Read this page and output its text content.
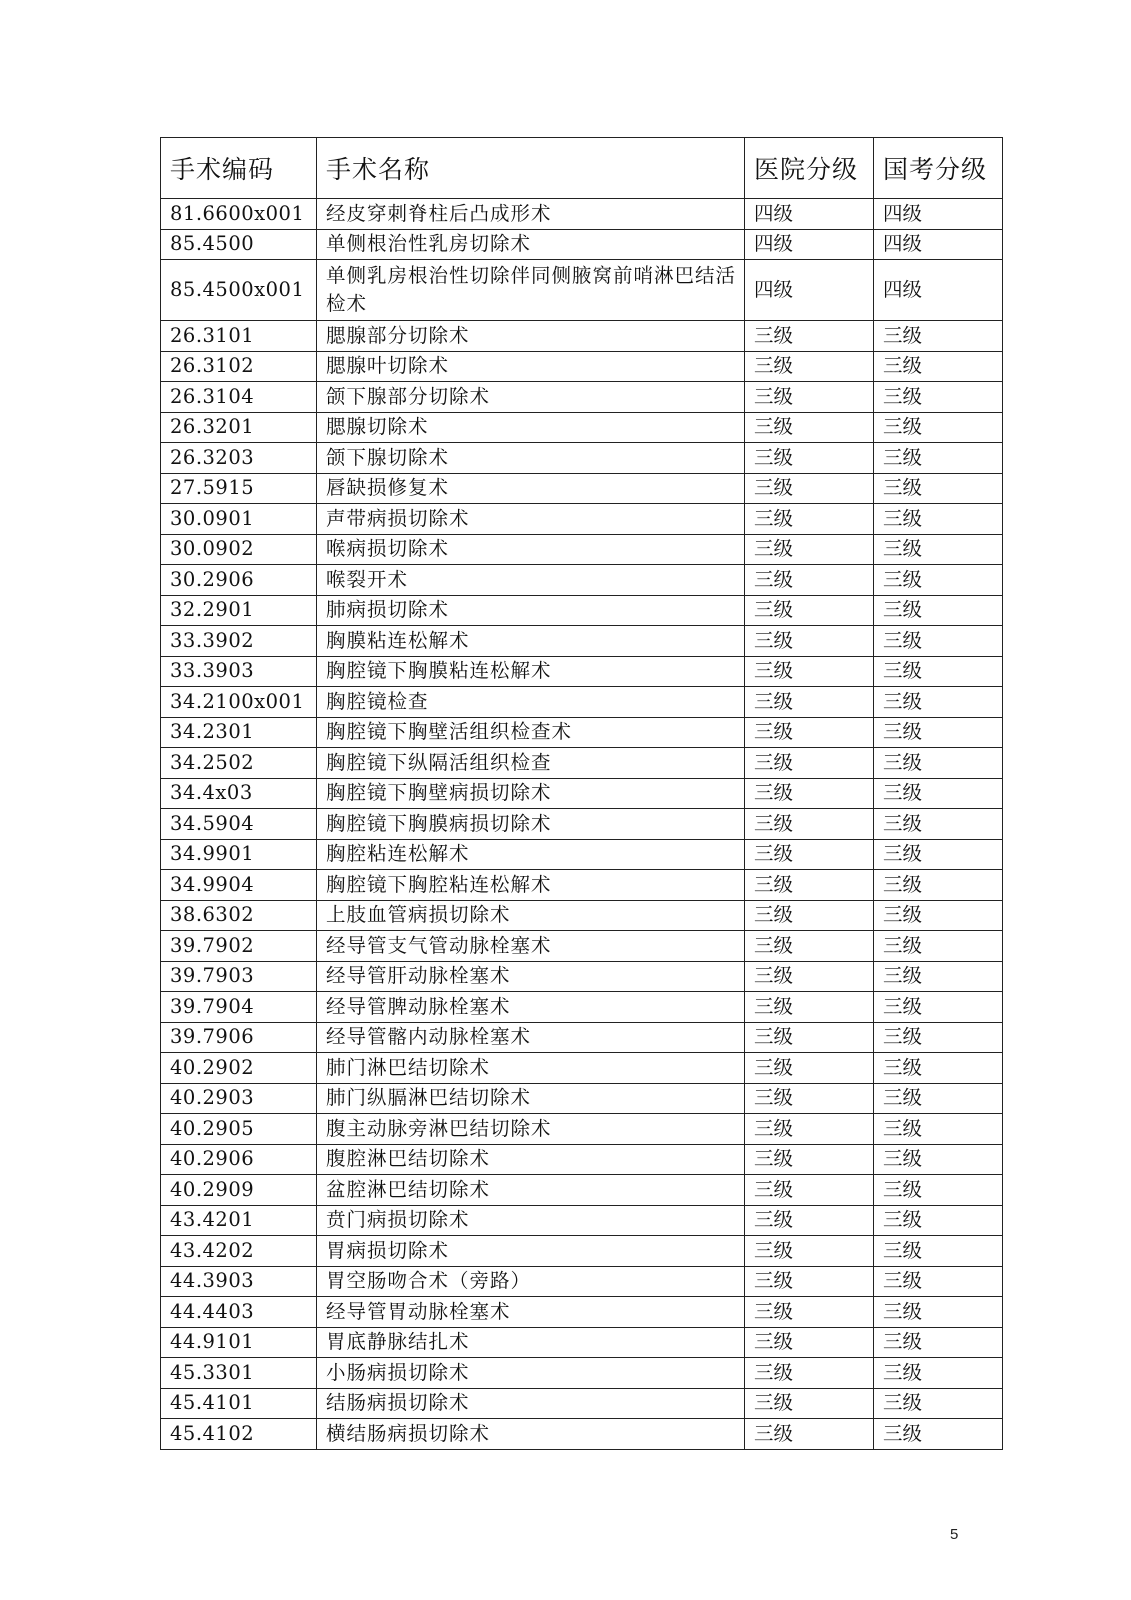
手术编码	手术名称	医院分级	国考分级
81.6600x001	经皮穿刺脊柱后凸成形术	四级	四级
85.4500	单侧根治性乳房切除术	四级	四级
85.4500x001	单侧乳房根治性切除伴同侧腋窝前哨淋巴结活检术	四级	四级
26.3101	腮腺部分切除术	三级	三级
26.3102	腮腺叶切除术	三级	三级
26.3104	颌下腺部分切除术	三级	三级
26.3201	腮腺切除术	三级	三级
26.3203	颌下腺切除术	三级	三级
27.5915	唇缺损修复术	三级	三级
30.0901	声带病损切除术	三级	三级
30.0902	喉病损切除术	三级	三级
30.2906	喉裂开术	三级	三级
32.2901	肺病损切除术	三级	三级
33.3902	胸膜粘连松解术	三级	三级
33.3903	胸腔镜下胸膜粘连松解术	三级	三级
34.2100x001	胸腔镜检查	三级	三级
34.2301	胸腔镜下胸壁活组织检查术	三级	三级
34.2502	胸腔镜下纵隔活组织检查	三级	三级
34.4x03	胸腔镜下胸壁病损切除术	三级	三级
34.5904	胸腔镜下胸膜病损切除术	三级	三级
34.9901	胸腔粘连松解术	三级	三级
34.9904	胸腔镜下胸腔粘连松解术	三级	三级
38.6302	上肢血管病损切除术	三级	三级
39.7902	经导管支气管动脉栓塞术	三级	三级
39.7903	经导管肝动脉栓塞术	三级	三级
39.7904	经导管脾动脉栓塞术	三级	三级
39.7906	经导管髂内动脉栓塞术	三级	三级
40.2902	肺门淋巴结切除术	三级	三级
40.2903	肺门纵膈淋巴结切除术	三级	三级
40.2905	腹主动脉旁淋巴结切除术	三级	三级
40.2906	腹腔淋巴结切除术	三级	三级
40.2909	盆腔淋巴结切除术	三级	三级
43.4201	贲门病损切除术	三级	三级
43.4202	胃病损切除术	三级	三级
44.3903	胃空肠吻合术（旁路）	三级	三级
44.4403	经导管胃动脉栓塞术	三级	三级
44.9101	胃底静脉结扎术	三级	三级
45.3301	小肠病损切除术	三级	三级
45.4101	结肠病损切除术	三级	三级
45.4102	横结肠病损切除术	三级	三级
5
